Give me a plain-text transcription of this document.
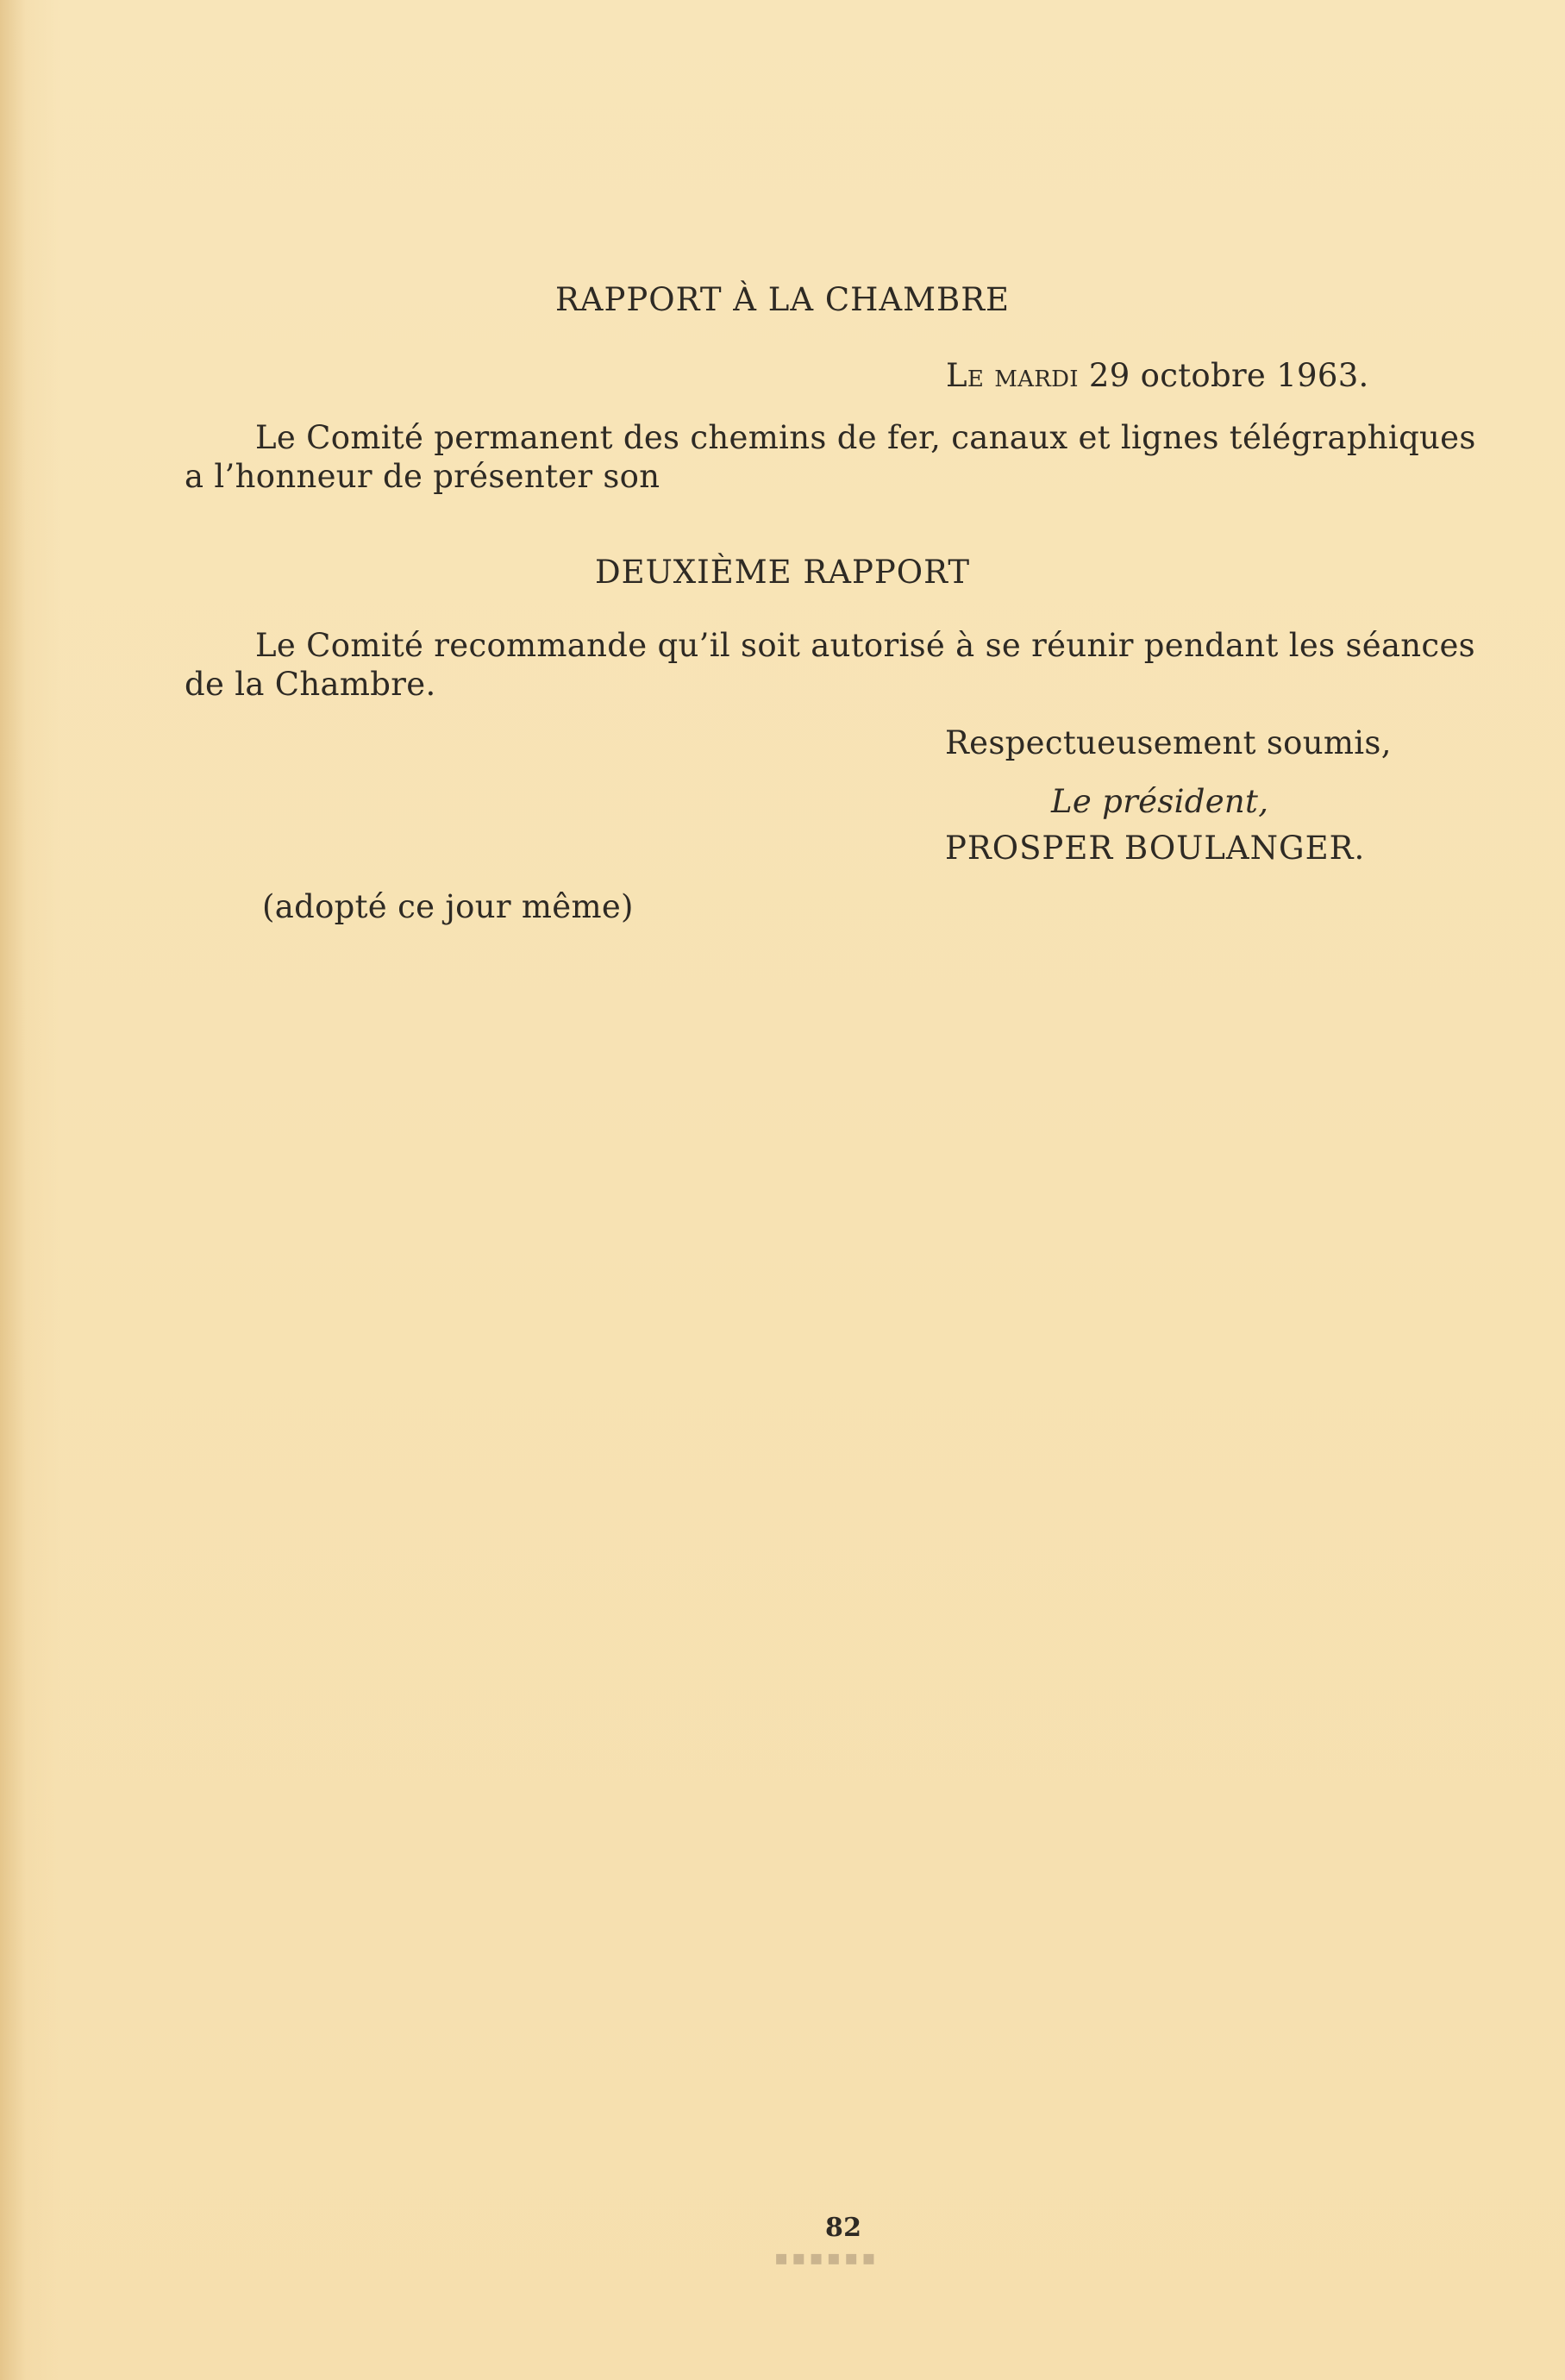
RAPPORT À LA CHAMBRE
Le mardi 29 octobre 1963.
Le Comité permanent des chemins de fer, canaux et lignes télégraphiques
a l’honneur de présenter son
DEUXIÈME RAPPORT
Le Comité recommande qu’il soit autorisé à se réunir pendant les séances
de la Chambre.
Respectueusement soumis,
Le président,
PROSPER BOULANGER.
(adopté ce jour même)
82
▪▪▪▪▪▪
